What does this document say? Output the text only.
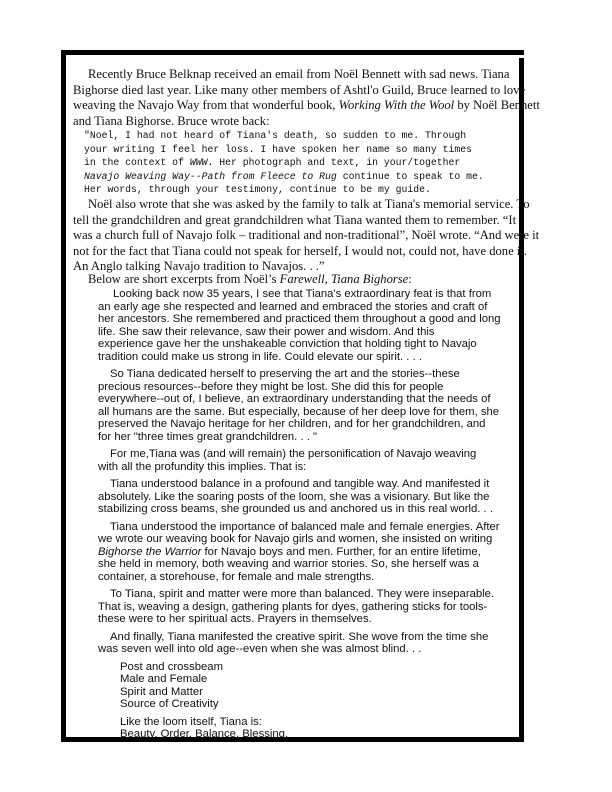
Recently Bruce Belknap received an email from Noël Bennett with sad news. Tiana
Bighorse died last year. Like many other members of Ashtl'o Guild, Bruce learned to love
weaving the Navajo Way from that wonderful book, Working With the Wool by Noël Bennett
and Tiana Bighorse. Bruce wrote back:
"Noel, I had not heard of Tiana's death, so sudden to me. Through
your writing I feel her loss. I have spoken her name so many times
in the context of WWW. Her photograph and text, in your/together
Navajo Weaving Way--Path from Fleece to Rug continue to speak to me.
Her words, through your testimony, continue to be my guide.
Noël also wrote that she was asked by the family to talk at Tiana's memorial service. To
tell the grandchildren and great grandchildren what Tiana wanted them to remember. “It
was a church full of Navajo folk – traditional and non-traditional”, Noël wrote. “And were it
not for the fact that Tiana could not speak for herself, I would not, could not, have done it.
An Anglo talking Navajo tradition to Navajos. . .”
Below are short excerpts from Noël’s Farewell, Tiana Bighorse:
Looking back now 35 years, I see that Tiana's extraordinary feat is that from
an early age she respected and learned and embraced the stories and craft of
her ancestors. She remembered and practiced them throughout a good and long
life. She saw their relevance, saw their power and wisdom. And this
experience gave her the unshakeable conviction that holding tight to Navajo
tradition could make us strong in life. Could elevate our spirit. . . .
So Tiana dedicated herself to preserving the art and the stories--these
precious resources--before they might be lost. She did this for people
everywhere--out of, I believe, an extraordinary understanding that the needs of
all humans are the same. But especially, because of her deep love for them, she
preserved the Navajo heritage for her children, and for her grandchildren, and
for her "three times great grandchildren. . . "
For me,Tiana was (and will remain) the personification of Navajo weaving
with all the profundity this implies. That is:
Tiana understood balance in a profound and tangible way. And manifested it
absolutely. Like the soaring posts of the loom, she was a visionary. But like the
stabilizing cross beams, she grounded us and anchored us in this real world. . .
Tiana understood the importance of balanced male and female energies. After
we wrote our weaving book for Navajo girls and women, she insisted on writing
Bighorse the Warrior for Navajo boys and men. Further, for an entire lifetime,
she held in memory, both weaving and warrior stories. So, she herself was a
container, a storehouse, for female and male strengths.
To Tiana, spirit and matter were more than balanced. They were inseparable.
That is, weaving a design, gathering plants for dyes, gathering sticks for tools-
these were to her spiritual acts. Prayers in themselves.
And finally, Tiana manifested the creative spirit. She wove from the time she
was seven well into old age--even when she was almost blind. . .
Post and crossbeam
Male and Female
Spirit and Matter
Source of Creativity
Like the loom itself, Tiana is:
Beauty. Order. Balance. Blessing.
